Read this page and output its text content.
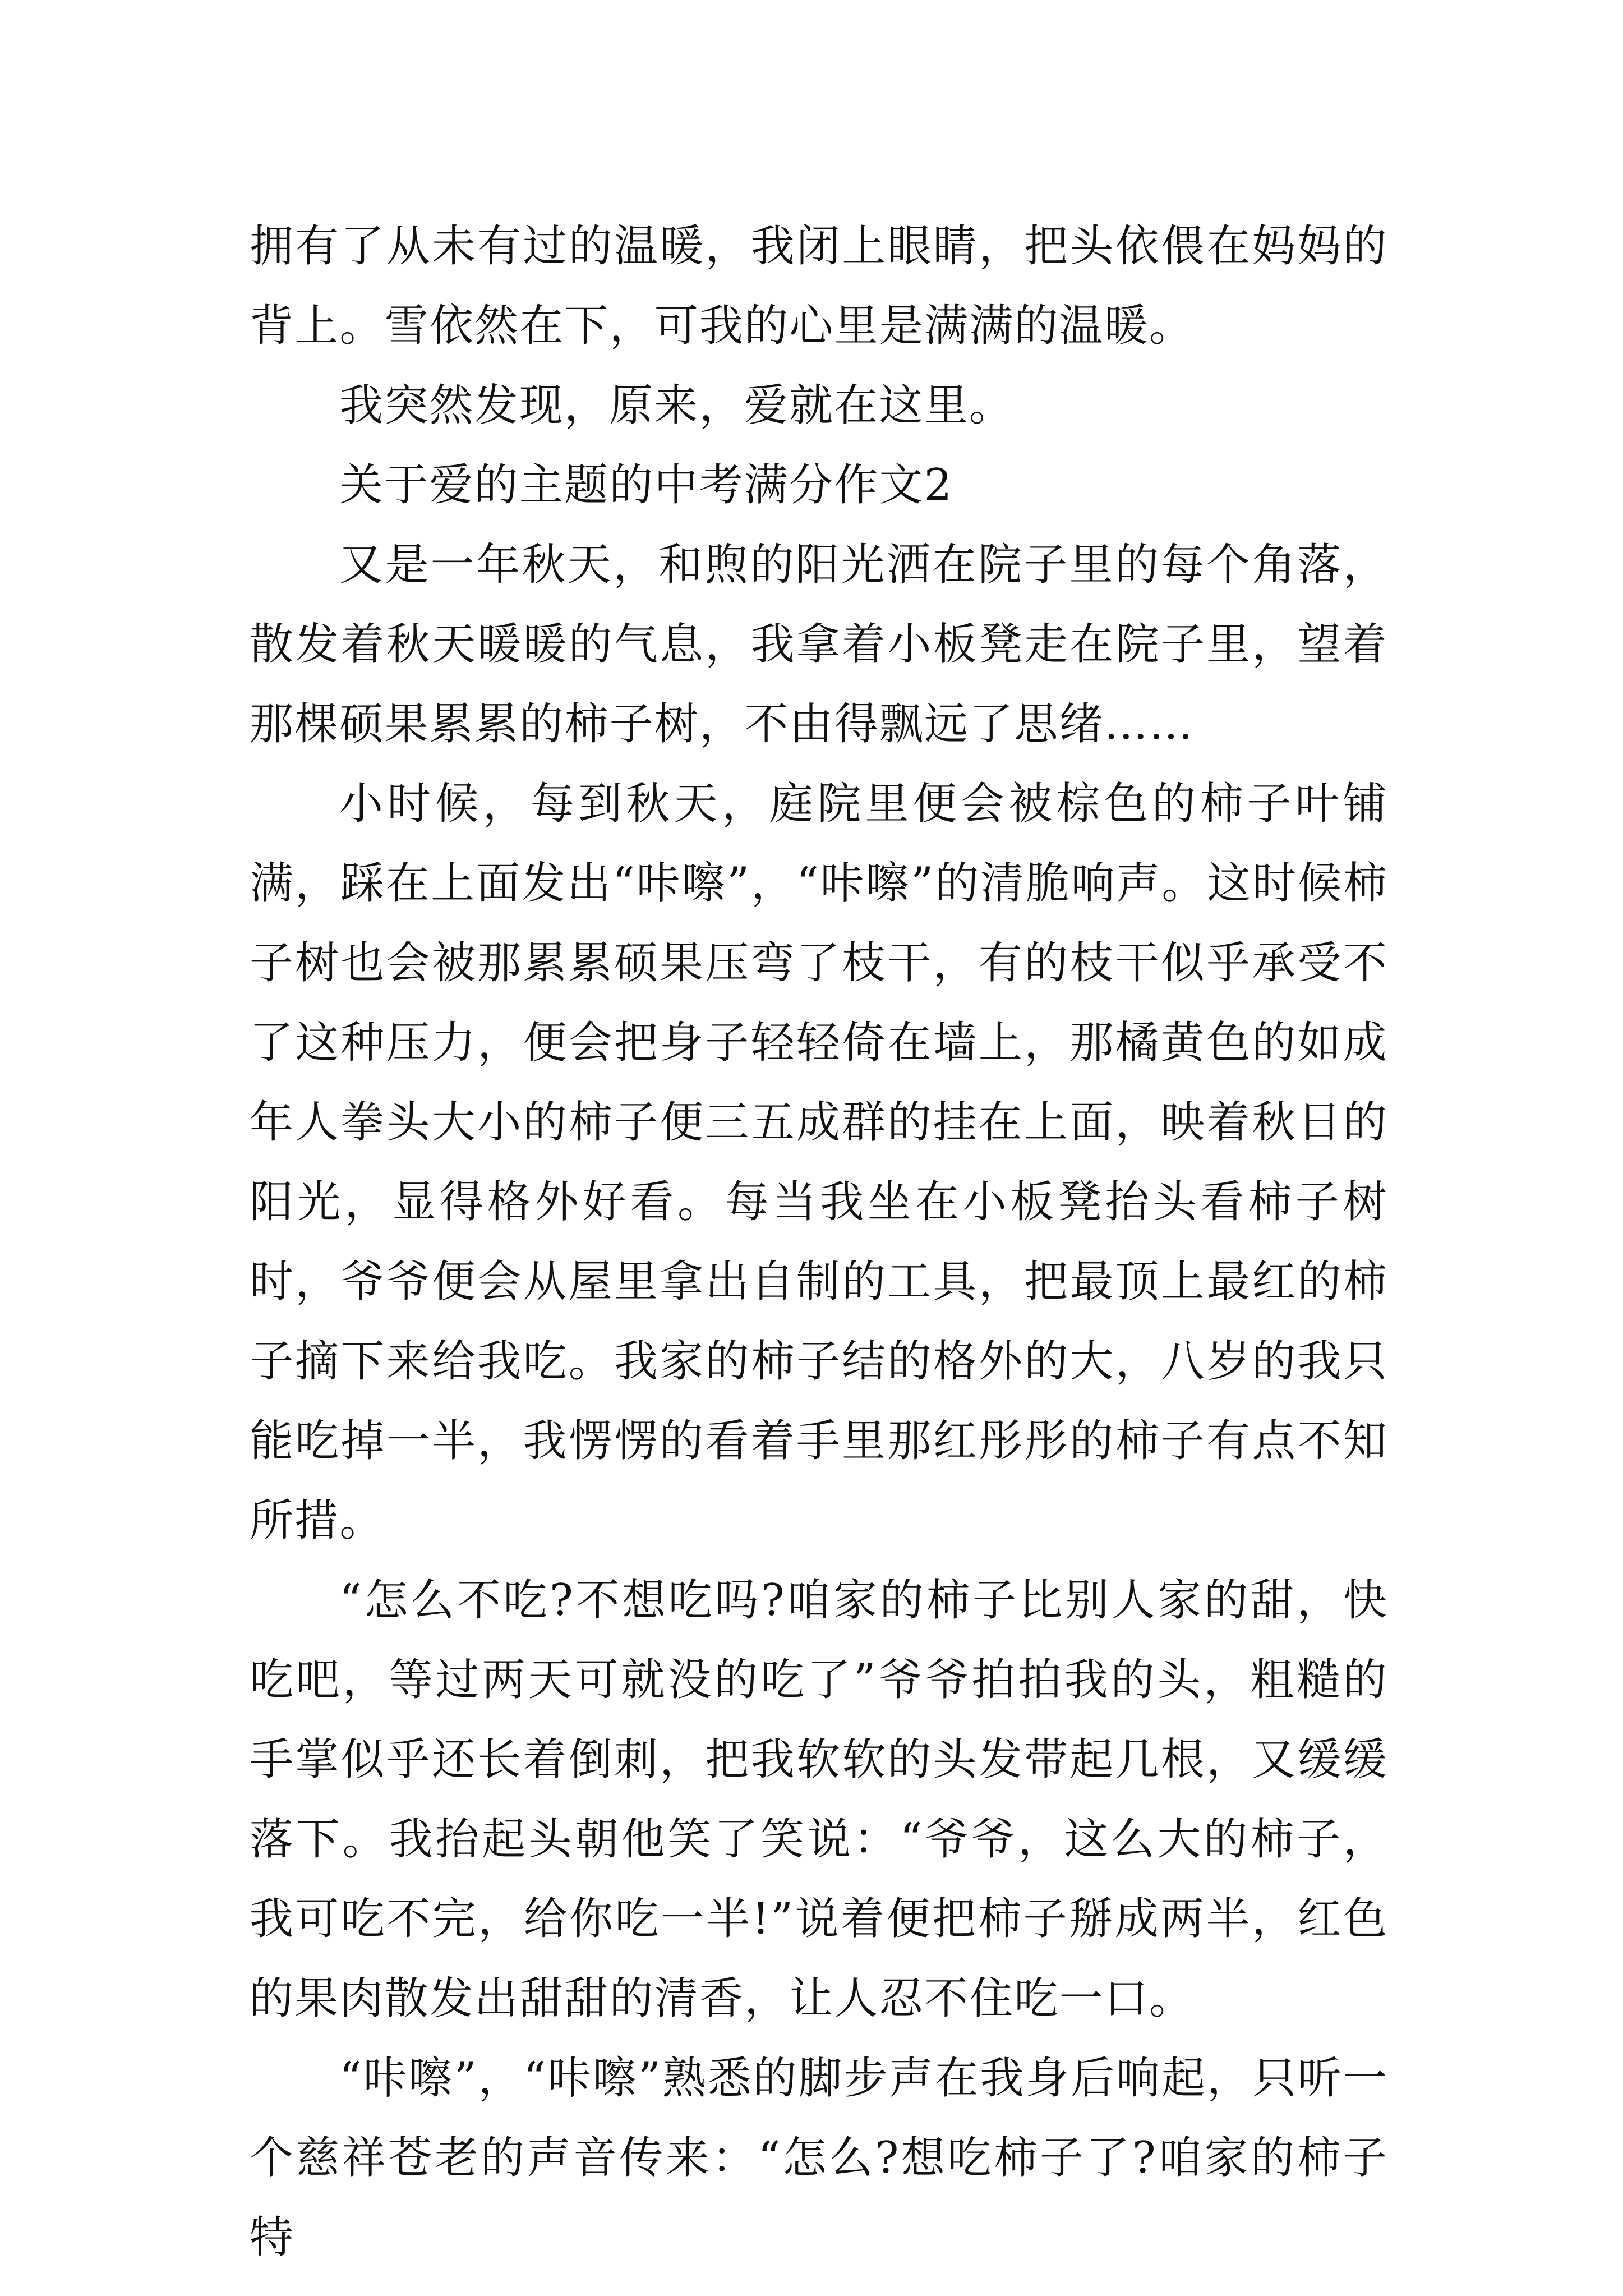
拥有了从未有过的温暖，我闭上眼睛，把头依偎在妈妈的背上。雪依然在下，可我的心里是满满的温暖。

我突然发现，原来，爱就在这里。

关于爱的主题的中考满分作文2

又是一年秋天，和煦的阳光洒在院子里的每个角落，散发着秋天暖暖的气息，我拿着小板凳走在院子里，望着那棵硕果累累的柿子树，不由得飘远了思绪……

小时候，每到秋天，庭院里便会被棕色的柿子叶铺满，踩在上面发出“咔嚓”，“咔嚓”的清脆响声。这时候柿子树也会被那累累硕果压弯了枝干，有的枝干似乎承受不了这种压力，便会把身子轻轻倚在墙上，那橘黄色的如成年人拳头大小的柿子便三五成群的挂在上面，映着秋日的阳光，显得格外好看。每当我坐在小板凳抬头看柿子树时，爷爷便会从屋里拿出自制的工具，把最顶上最红的柿子摘下来给我吃。我家的柿子结的格外的大，八岁的我只能吃掉一半，我愣愣的看着手里那红彤彤的柿子有点不知所措。

“怎么不吃?不想吃吗?咱家的柿子比别人家的甜，快吃吧，等过两天可就没的吃了”爷爷拍拍我的头，粗糙的手掌似乎还长着倒刺，把我软软的头发带起几根，又缓缓落下。我抬起头朝他笑了笑说：“爷爷，这么大的柿子，我可吃不完，给你吃一半!”说着便把柿子掰成两半，红色的果肉散发出甜甜的清香，让人忍不住吃一口。

“咔嚓”，“咔嚓”熟悉的脚步声在我身后响起，只听一个慈祥苍老的声音传来：“怎么?想吃柿子了?咱家的柿子特
